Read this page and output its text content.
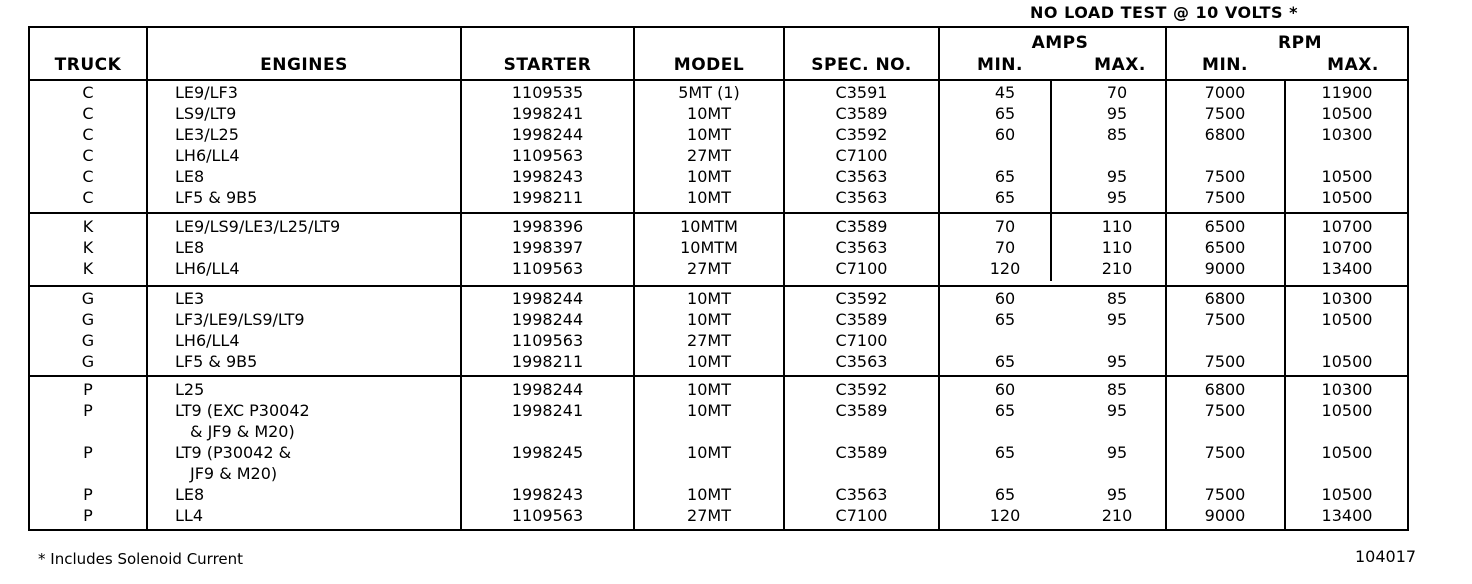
NO LOAD TEST @ 10 VOLTS *
TRUCK	ENGINES	STARTER	MODEL	SPEC. NO.
AMPS	RPM
MIN.	MAX.	MIN.	MAX.
C	LE9/LF3	1109535	5MT (1)	C3591	45	70	7000	11900
C	LS9/LT9	1998241	10MT	C3589	65	95	7500	10500
C	LE3/L25	1998244	10MT	C3592	60	85	6800	10300
C	LH6/LL4	1109563	27MT	C7100
C	LE8	1998243	10MT	C3563	65	95	7500	10500
C	LF5 & 9B5	1998211	10MT	C3563	65	95	7500	10500
K	LE9/LS9/LE3/L25/LT9	1998396	10MTM	C3589	70	110	6500	10700
K	LE8	1998397	10MTM	C3563	70	110	6500	10700
K	LH6/LL4	1109563	27MT	C7100	120	210	9000	13400
G	LE3	1998244	10MT	C3592	60	85	6800	10300
G	LF3/LE9/LS9/LT9	1998244	10MT	C3589	65	95	7500	10500
G	LH6/LL4	1109563	27MT	C7100
G	LF5 & 9B5	1998211	10MT	C3563	65	95	7500	10500
P	L25	1998244	10MT	C3592	60	85	6800	10300
P	LT9 (EXC P30042	1998241	10MT	C3589	65	95	7500	10500
& JF9 & M20)
P	LT9 (P30042 &	1998245	10MT	C3589	65	95	7500	10500
JF9 & M20)
P	LE8	1998243	10MT	C3563	65	95	7500	10500
P	LL4	1109563	27MT	C7100	120	210	9000	13400
* Includes Solenoid Current	104017
